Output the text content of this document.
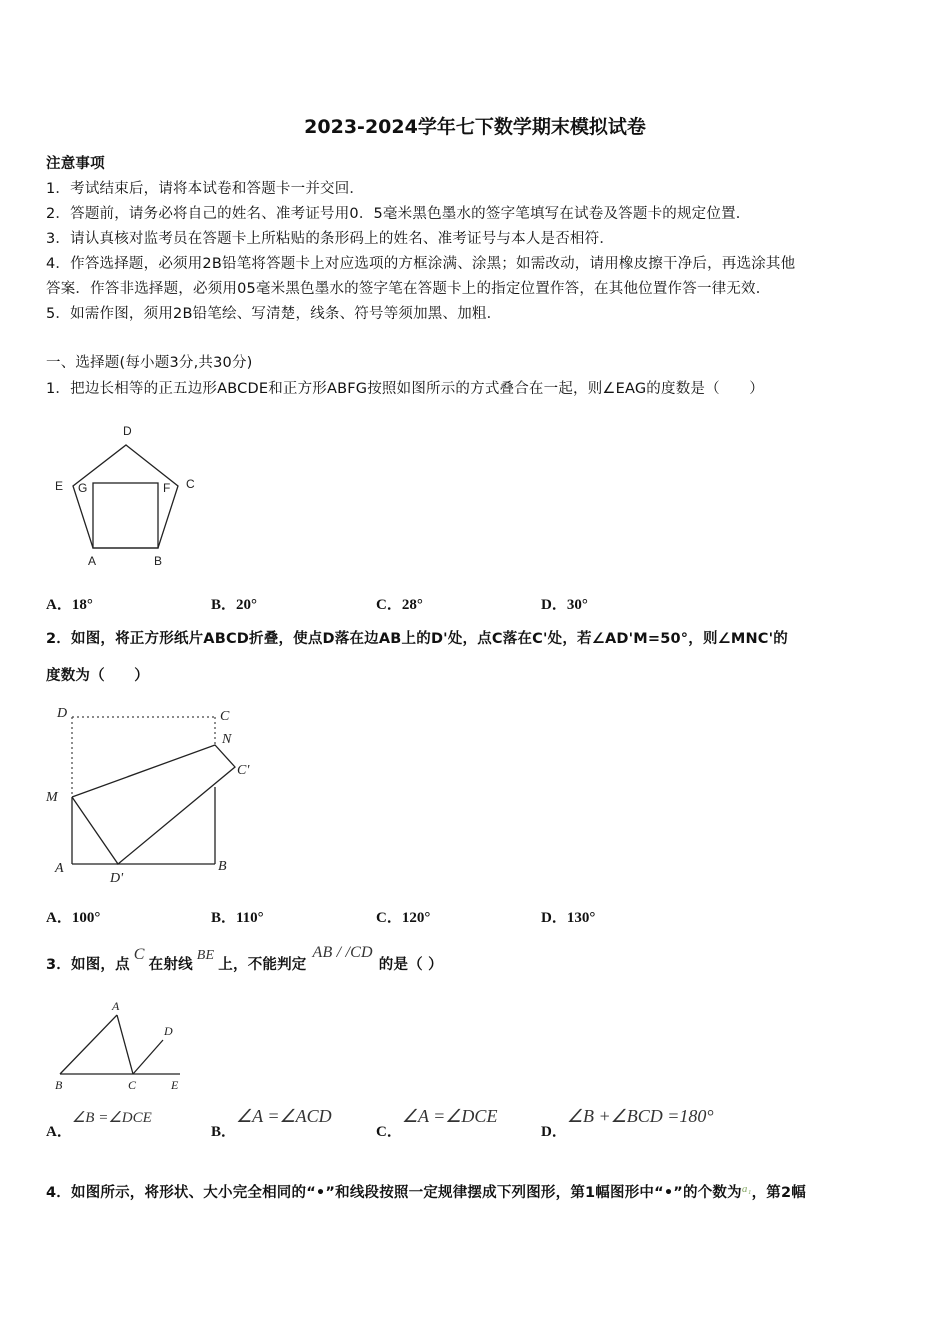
2023-2024学年七下数学期末模拟试卷
注意事项
1．考试结束后，请将本试卷和答题卡一并交回．
2．答题前，请务必将自己的姓名、准考证号用0．5毫米黑色墨水的签字笔填写在试卷及答题卡的规定位置．
3．请认真核对监考员在答题卡上所粘贴的条形码上的姓名、准考证号与本人是否相符．
4．作答选择题，必须用2B铅笔将答题卡上对应选项的方框涂满、涂黑；如需改动，请用橡皮擦干净后，再选涂其他
答案．作答非选择题，必须用05毫米黑色墨水的签字笔在答题卡上的指定位置作答，在其他位置作答一律无效．
5．如需作图，须用2B铅笔绘、写清楚，线条、符号等须加黑、加粗．
一、选择题(每小题3分,共30分)
1．把边长相等的正五边形ABCDE和正方形ABFG按照如图所示的方式叠合在一起，则∠EAG的度数是（　　）
D
E G	F C
A	B
A．18°	B．20°	C．28°	D．30°
2．如图，将正方形纸片ABCD折叠，使点D落在边AB上的D'处，点C落在C'处，若∠AD'M=50°，则∠MNC'的
度数为（　　）
D	C
N
C'
M
A
D'
B
A．100°	B．110°	C．120°	D．130°
3．如图，点C在射线BE上，不能判定AB / /CD的是（ ）
A
D
B	C	E
A．∠B =∠DCE
B．∠A =∠ACD
C．∠A =∠DCE
D．∠B +∠BCD =180°
4．如图所示，将形状、大小完全相同的“•”和线段按照一定规律摆成下列图形，第1幅图形中“•”的个数为$^{a_1}$，第2幅
